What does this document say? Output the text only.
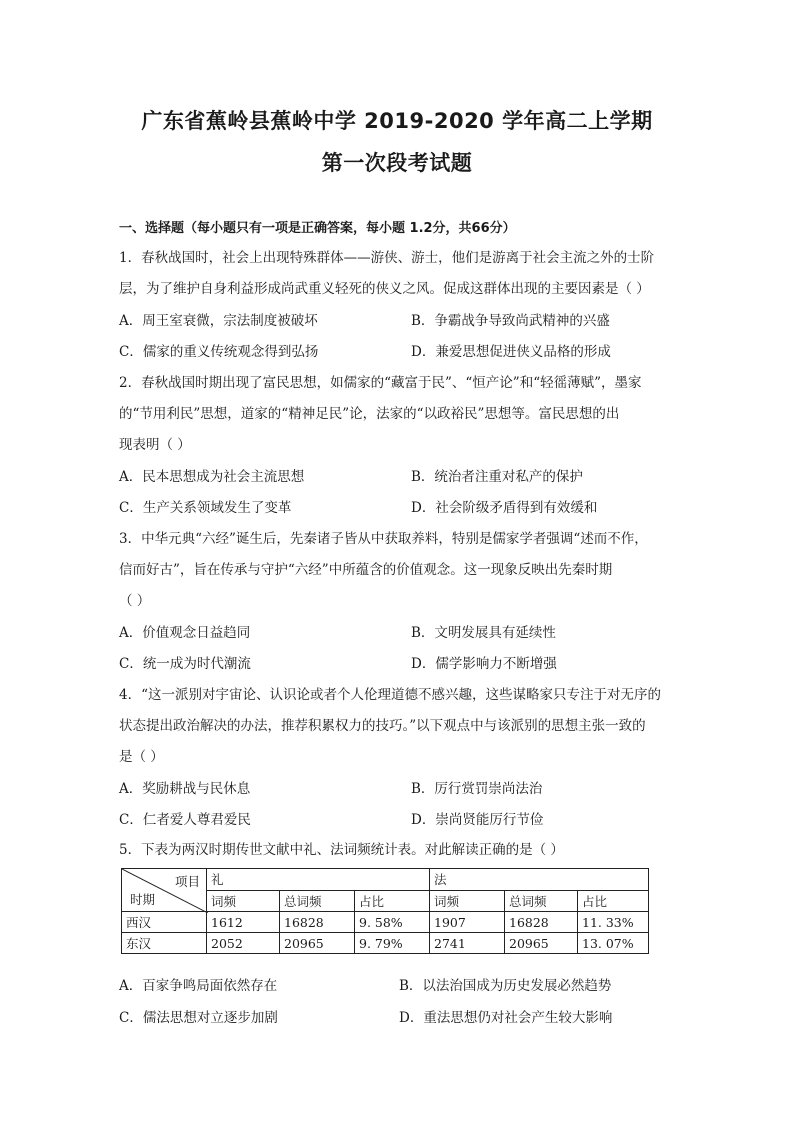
广东省蕉岭县蕉岭中学 2019-2020 学年高二上学期
第一次段考试题
一、选择题（每小题只有一项是正确答案，每小题 1.2分，共66分）
1．春秋战国时，社会上出现特殊群体——游侠、游士，他们是游离于社会主流之外的士阶
层，为了维护自身利益形成尚武重义轻死的侠义之风。促成这群体出现的主要因素是（ ）
A．周王室衰微，宗法制度被破坏	B．争霸战争导致尚武精神的兴盛
C．儒家的重义传统观念得到弘扬	D．兼爱思想促进侠义品格的形成
2．春秋战国时期出现了富民思想，如儒家的“藏富于民”、“恒产论”和“轻徭薄赋”，墨家
的“节用利民”思想，道家的“精神足民”论，法家的“以政裕民”思想等。富民思想的出
现表明（ ）
A．民本思想成为社会主流思想	B．统治者注重对私产的保护
C．生产关系领域发生了变革	D．社会阶级矛盾得到有效缓和
3．中华元典“六经”诞生后，先秦诸子皆从中获取养料，特别是儒家学者强调“述而不作，
信而好古”，旨在传承与守护“六经”中所蕴含的价值观念。这一现象反映出先秦时期
（ ）
A．价值观念日益趋同	B．文明发展具有延续性
C．统一成为时代潮流	D．儒学影响力不断增强
4．“这一派别对宇宙论、认识论或者个人伦理道德不感兴趣，这些谋略家只专注于对无序的
状态提出政治解决的办法，推荐积累权力的技巧。”以下观点中与该派别的思想主张一致的
是（ ）
A．奖励耕战与民休息	B．厉行赏罚崇尚法治
C．仁者爱人尊君爱民	D．崇尚贤能厉行节俭
5．下表为两汉时期传世文献中礼、法词频统计表。对此解读正确的是（ ）
项目
时期	礼			法		
	词频	总词频	占比	词频	总词频	占比
西汉	1612	16828	9. 58%	1907	16828	11. 33%
东汉	2052	20965	9. 79%	2741	20965	13. 07%
A．百家争鸣局面依然存在	B．以法治国成为历史发展必然趋势
C．儒法思想对立逐步加剧	D．重法思想仍对社会产生较大影响
